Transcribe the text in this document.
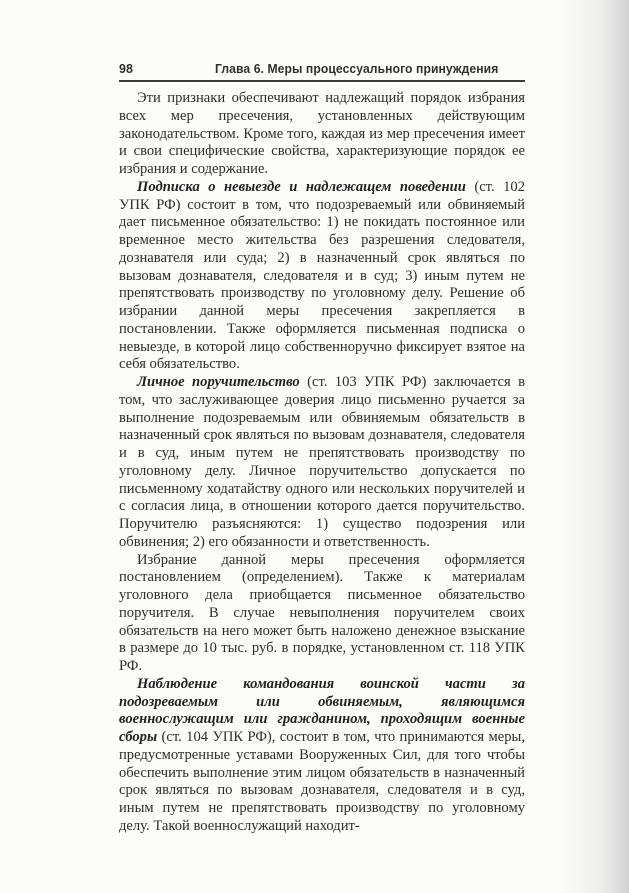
98	Глава 6. Меры процессуального принуждения

Эти признаки обеспечивают надлежащий порядок избрания всех мер пресечения, установленных действующим законодательством. Кроме того, каждая из мер пресечения имеет и свои специфические свойства, характеризующие порядок ее избрания и содержание.

Подписка о невыезде и надлежащем поведении (ст. 102 УПК РФ) состоит в том, что подозреваемый или обвиняемый дает письменное обязательство: 1) не покидать постоянное или временное место жительства без разрешения следователя, дознавателя или суда; 2) в назначенный срок являться по вызовам дознавателя, следователя и в суд; 3) иным путем не препятствовать производству по уголовному делу. Решение об избрании данной меры пресечения закрепляется в постановлении. Также оформляется письменная подписка о невыезде, в которой лицо собственноручно фиксирует взятое на себя обязательство.

Личное поручительство (ст. 103 УПК РФ) заключается в том, что заслуживающее доверия лицо письменно ручается за выполнение подозреваемым или обвиняемым обязательств в назначенный срок являться по вызовам дознавателя, следователя и в суд, иным путем не препятствовать производству по уголовному делу. Личное поручительство допускается по письменному ходатайству одного или нескольких поручителей и с согласия лица, в отношении которого дается поручительство. Поручителю разъясняются: 1) существо подозрения или обвинения; 2) его обязанности и ответственность.

Избрание данной меры пресечения оформляется постановлением (определением). Также к материалам уголовного дела приобщается письменное обязательство поручителя. В случае невыполнения поручителем своих обязательств на него может быть наложено денежное взыскание в размере до 10 тыс. руб. в порядке, установленном ст. 118 УПК РФ.

Наблюдение командования воинской части за подозреваемым или обвиняемым, являющимся военнослужащим или гражданином, проходящим военные сборы (ст. 104 УПК РФ), состоит в том, что принимаются меры, предусмотренные уставами Вооруженных Сил, для того чтобы обеспечить выполнение этим лицом обязательств в назначенный срок являться по вызовам дознавателя, следователя и в суд, иным путем не препятствовать производству по уголовному делу. Такой военнослужащий находит-
